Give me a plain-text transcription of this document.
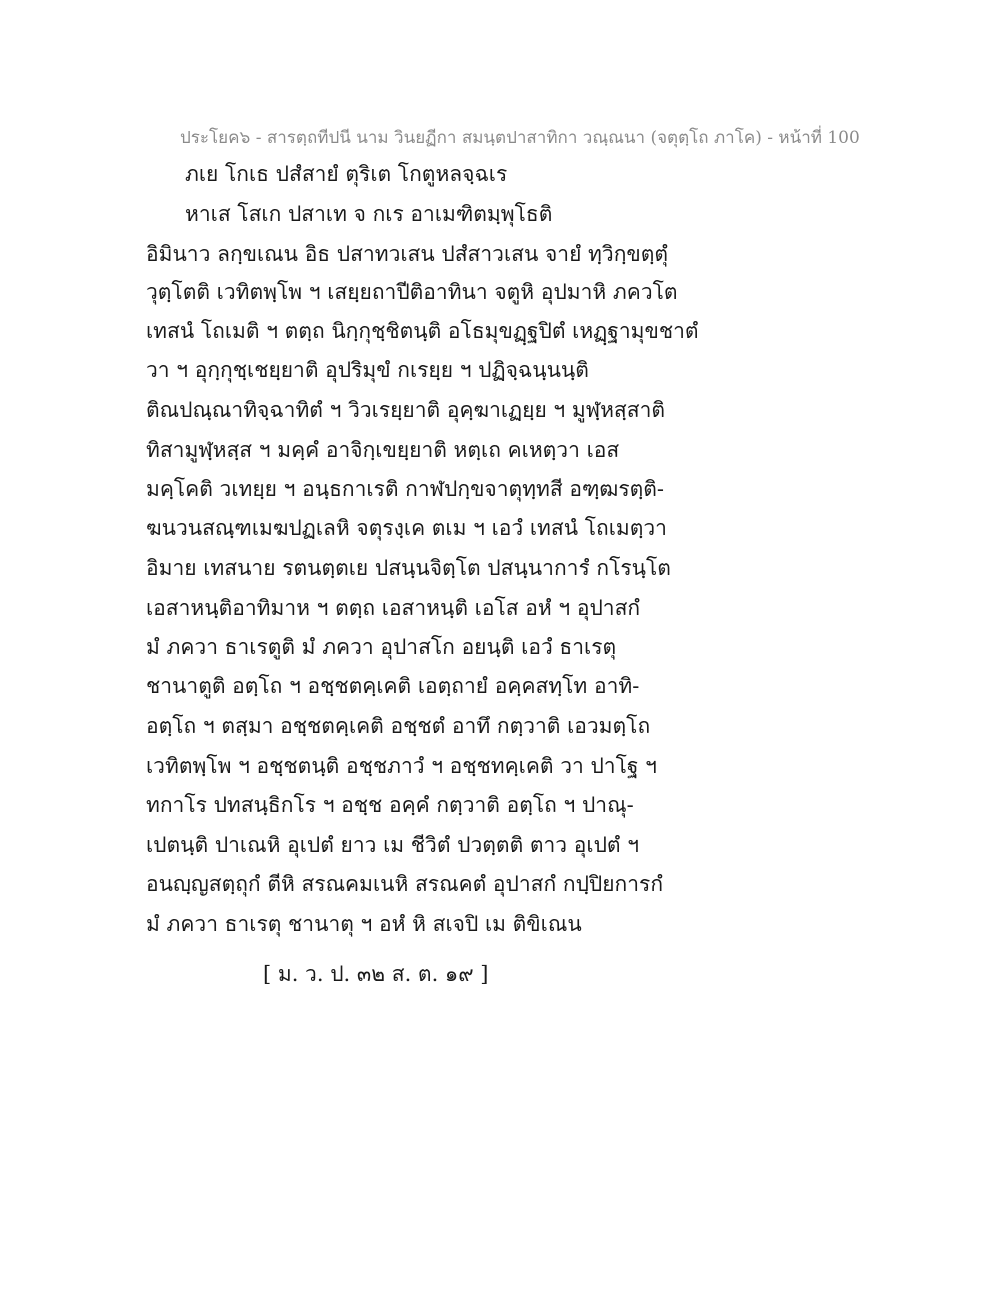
ประโยค๖ - สารตฺถทีปนี นาม วินยฏีกา สมนฺตปาสาทิกา วณฺณนา (จตุตฺโถ ภาโค) - หน้าที่ 100
ภเย โกเธ ปสํสายํ ตุริเต โกตูหลจฺฉเร
หาเส โสเก ปสาเท จ กเร อาเมฑิตมฺพุโธติ
อิมินาว ลกฺขเณน อิธ ปสาทวเสน ปสํสาวเสน จายํ ทฺวิกฺขตฺตุํ
วุตฺโตติ เวทิตพฺโพ ฯ เสยฺยถาปีติอาทินา จตูหิ อุปมาหิ ภควโต
เทสนํ โถเมติ ฯ ตตฺถ นิกฺกุชฺชิตนฺติ อโธมุขฏฺฐปิตํ เหฏฺฐามุขชาตํ
วา ฯ อุกฺกุชฺเชยฺยาติ อุปริมุขํ กเรยฺย ฯ ปฏิจฺฉนฺนนฺติ
ติณปณฺณาทิจฺฉาทิตํ ฯ วิวเรยฺยาติ อุคฺฆาเฏยฺย ฯ มูฬฺหสฺสาติ
ทิสามูฬฺหสฺส ฯ มคฺคํ อาจิกฺเขยฺยาติ หตฺเถ คเหตฺวา เอส
มคฺโคติ วเทยฺย ฯ อนฺธกาเรติ กาฬปกฺขจาตุทฺทสี อฑฺฒรตฺติ-
ฆนวนสณฺฑเมฆปฏเลหิ จตุรงฺเค ตเม ฯ เอวํ เทสนํ โถเมตฺวา
อิมาย เทสนาย รตนตฺตเย ปสนฺนจิตฺโต ปสนฺนาการํ กโรนฺโต
เอสาหนฺติอาทิมาห ฯ ตตฺถ เอสาหนฺติ เอโส อหํ ฯ อุปาสกํ
มํ ภควา ธาเรตูติ มํ ภควา อุปาสโก อยนฺติ เอวํ ธาเรตุ
ชานาตูติ อตฺโถ ฯ อชฺชตคฺเคติ เอตฺถายํ อคฺคสทฺโท อาทิ-
อตฺโถ ฯ ตสฺมา อชฺชตคฺเคติ อชฺชตํ อาทึ กตฺวาติ เอวมตฺโถ
เวทิตพฺโพ ฯ อชฺชตนฺติ อชฺชภาวํ ฯ อชฺชทคฺเคติ วา ปาโฐ ฯ
ทกาโร ปทสนฺธิกโร ฯ อชฺช อคฺคํ กตฺวาติ อตฺโถ ฯ ปาณุ-
เปตนฺติ ปาเณหิ อุเปตํ ยาว เม ชีวิตํ ปวตฺตติ ตาว อุเปตํ ฯ
อนญฺญสตฺถุกํ ตีหิ สรณคมเนหิ สรณคตํ อุปาสกํ กปฺปิยการกํ
มํ ภควา ธาเรตุ ชานาตุ ฯ อหํ หิ สเจปิ เม ติขิเณน
[ ม. ว. ป. ๓๒ ส. ต. ๑๙ ]
